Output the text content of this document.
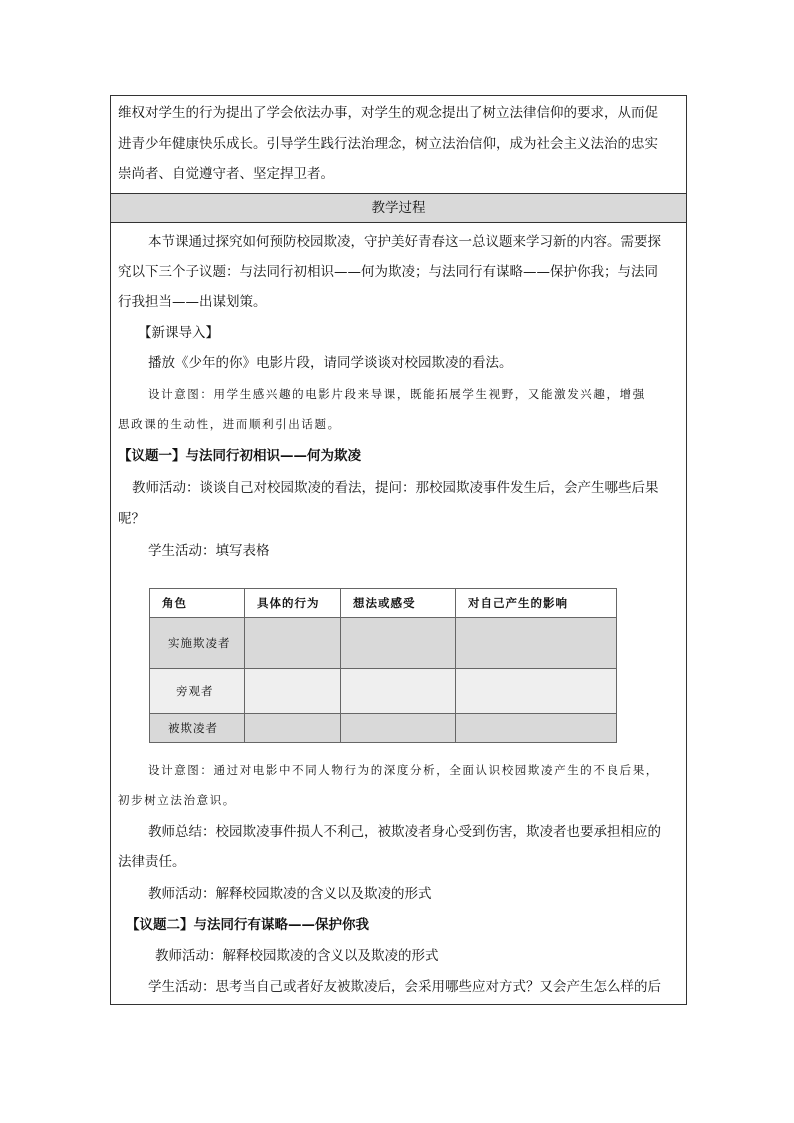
维权对学生的行为提出了学会依法办事，对学生的观念提出了树立法律信仰的要求，从而促
进青少年健康快乐成长。引导学生践行法治理念，树立法治信仰，成为社会主义法治的忠实
崇尚者、自觉遵守者、坚定捍卫者。
教学过程
本节课通过探究如何预防校园欺凌，守护美好青春这一总议题来学习新的内容。需要探
究以下三个子议题：与法同行初相识——何为欺凌；与法同行有谋略——保护你我；与法同
行我担当——出谋划策。
【新课导入】
播放《少年的你》电影片段，请同学谈谈对校园欺凌的看法。
设计意图：用学生感兴趣的电影片段来导课，既能拓展学生视野，又能激发兴趣，增强
思政课的生动性，进而顺利引出话题。
【议题一】与法同行初相识——何为欺凌
教师活动：谈谈自己对校园欺凌的看法，提问：那校园欺凌事件发生后，会产生哪些后果
呢？
学生活动：填写表格
角色	具体的行为	想法或感受	对自己产生的影响
实施欺凌者			
旁观者			
被欺凌者			
设计意图：通过对电影中不同人物行为的深度分析，全面认识校园欺凌产生的不良后果，
初步树立法治意识。
教师总结：校园欺凌事件损人不利己，被欺凌者身心受到伤害，欺凌者也要承担相应的
法律责任。
教师活动：解释校园欺凌的含义以及欺凌的形式
【议题二】与法同行有谋略——保护你我
教师活动：解释校园欺凌的含义以及欺凌的形式
学生活动：思考当自己或者好友被欺凌后，会采用哪些应对方式？又会产生怎么样的后
